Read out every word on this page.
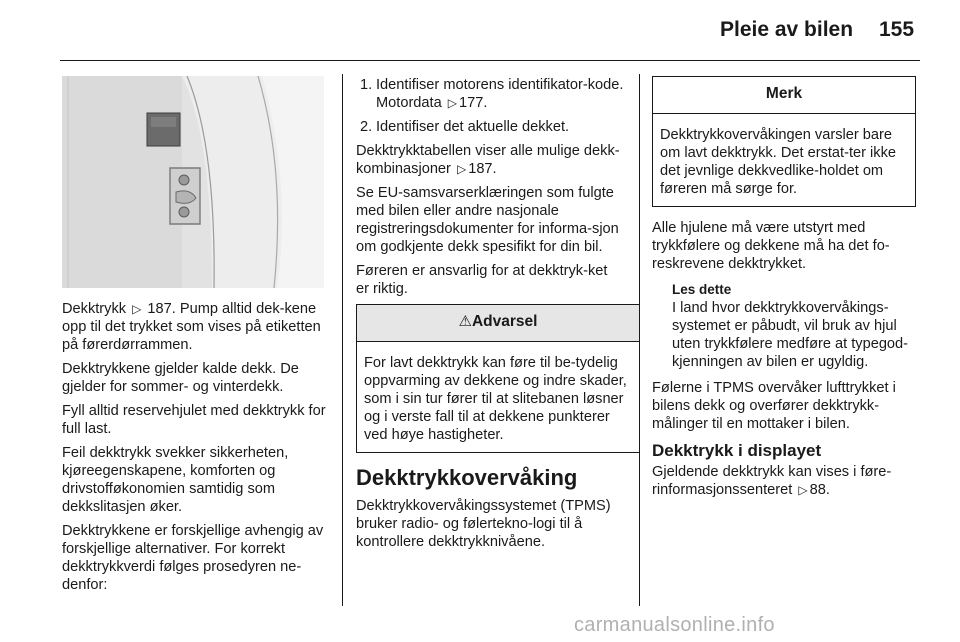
Pleie av bilen 155

Dekktrykk ▷ 187. Pump alltid dek-kene opp til det trykket som vises på etiketten på førerdørrammen.

Dekktrykkene gjelder kalde dekk. De gjelder for sommer- og vinterdekk.

Fyll alltid reservehjulet med dekktrykk for full last.

Feil dekktrykk svekker sikkerheten, kjøreegenskapene, komforten og drivstofføkonomien samtidig som dekkslitasjen øker.

Dekktrykkene er forskjellige avhengig av forskjellige alternativer. For korrekt dekktrykkverdi følges prosedyren ne-denfor:

1. Identifiser motorens identifikator-kode. Motordata ▷ 177.
2. Identifiser det aktuelle dekket.

Dekktrykktabellen viser alle mulige dekk-kombinasjoner ▷ 187.

Se EU-samsvarserklæringen som fulgte med bilen eller andre nasjonale registreringsdokumenter for informa-sjon om godkjente dekk spesifikt for din bil.

Føreren er ansvarlig for at dekktryk-ket er riktig.

⚠Advarsel

For lavt dekktrykk kan føre til be-tydelig oppvarming av dekkene og indre skader, som i sin tur fører til at slitebanen løsner og i verste fall til at dekkene punkterer ved høye hastigheter.

Dekktrykkovervåking

Dekktrykkovervåkingssystemet (TPMS) bruker radio- og følertekno-logi til å kontrollere dekktrykknivåene.

Merk

Dekktrykkovervåkingen varsler bare om lavt dekktrykk. Det erstat-ter ikke det jevnlige dekkvedlike-holdet om føreren må sørge for.

Alle hjulene må være utstyrt med trykkfølere og dekkene må ha det fo-reskrevene dekktrykket.

Les dette
I land hvor dekktrykkovervåkings-systemet er påbudt, vil bruk av hjul uten trykkfølere medføre at typegod-kjenningen av bilen er ugyldig.

Følerne i TPMS overvåker lufttrykket i bilens dekk og overfører dekktrykk-målinger til en mottaker i bilen.

Dekktrykk i displayet

Gjeldende dekktrykk kan vises i føre-rinformasjonssenteret ▷ 88.

carmanualsonline.info
